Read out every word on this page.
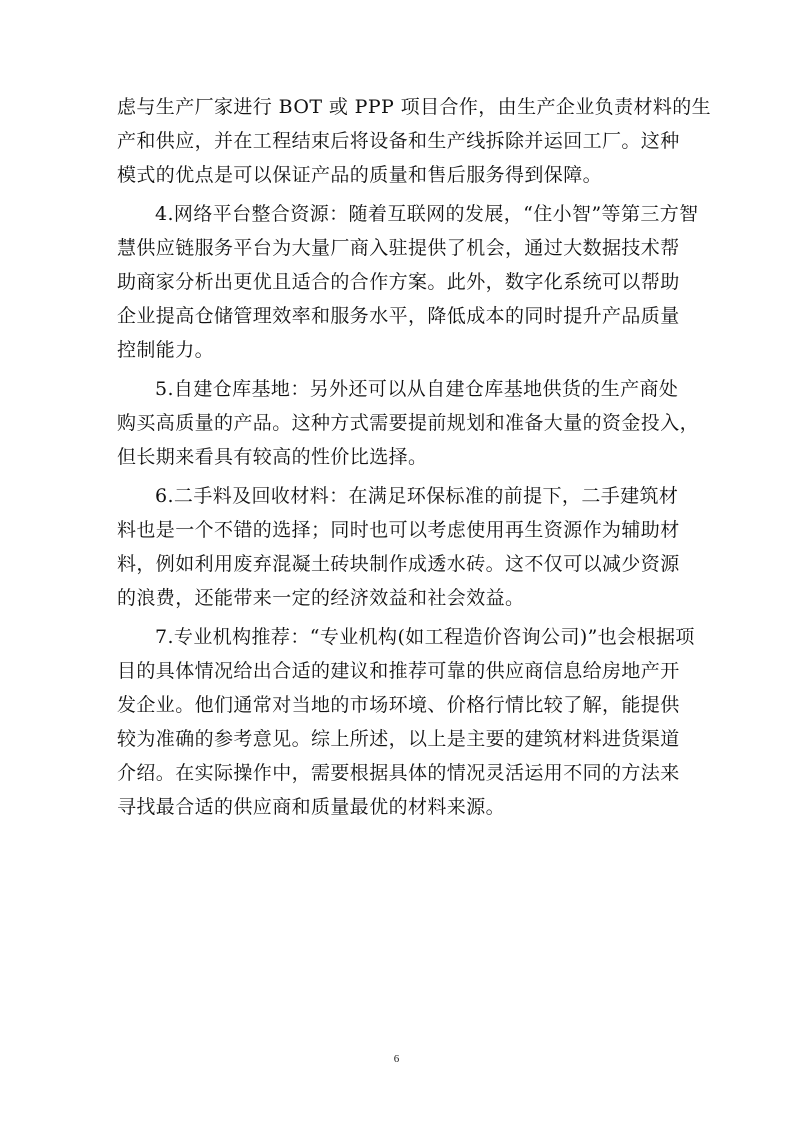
虑与生产厂家进行 BOT 或 PPP 项目合作，由生产企业负责材料的生
产和供应，并在工程结束后将设备和生产线拆除并运回工厂。这种
模式的优点是可以保证产品的质量和售后服务得到保障。

4.网络平台整合资源：随着互联网的发展，“住小智”等第三方智
慧供应链服务平台为大量厂商入驻提供了机会，通过大数据技术帮
助商家分析出更优且适合的合作方案。此外，数字化系统可以帮助
企业提高仓储管理效率和服务水平，降低成本的同时提升产品质量
控制能力。

5.自建仓库基地：另外还可以从自建仓库基地供货的生产商处
购买高质量的产品。这种方式需要提前规划和准备大量的资金投入，
但长期来看具有较高的性价比选择。

6.二手料及回收材料：在满足环保标准的前提下，二手建筑材
料也是一个不错的选择；同时也可以考虑使用再生资源作为辅助材
料，例如利用废弃混凝土砖块制作成透水砖。这不仅可以减少资源
的浪费，还能带来一定的经济效益和社会效益。

7.专业机构推荐：“专业机构(如工程造价咨询公司)”也会根据项
目的具体情况给出合适的建议和推荐可靠的供应商信息给房地产开
发企业。他们通常对当地的市场环境、价格行情比较了解，能提供
较为准确的参考意见。综上所述，以上是主要的建筑材料进货渠道
介绍。在实际操作中，需要根据具体的情况灵活运用不同的方法来
寻找最合适的供应商和质量最优的材料来源。

6
